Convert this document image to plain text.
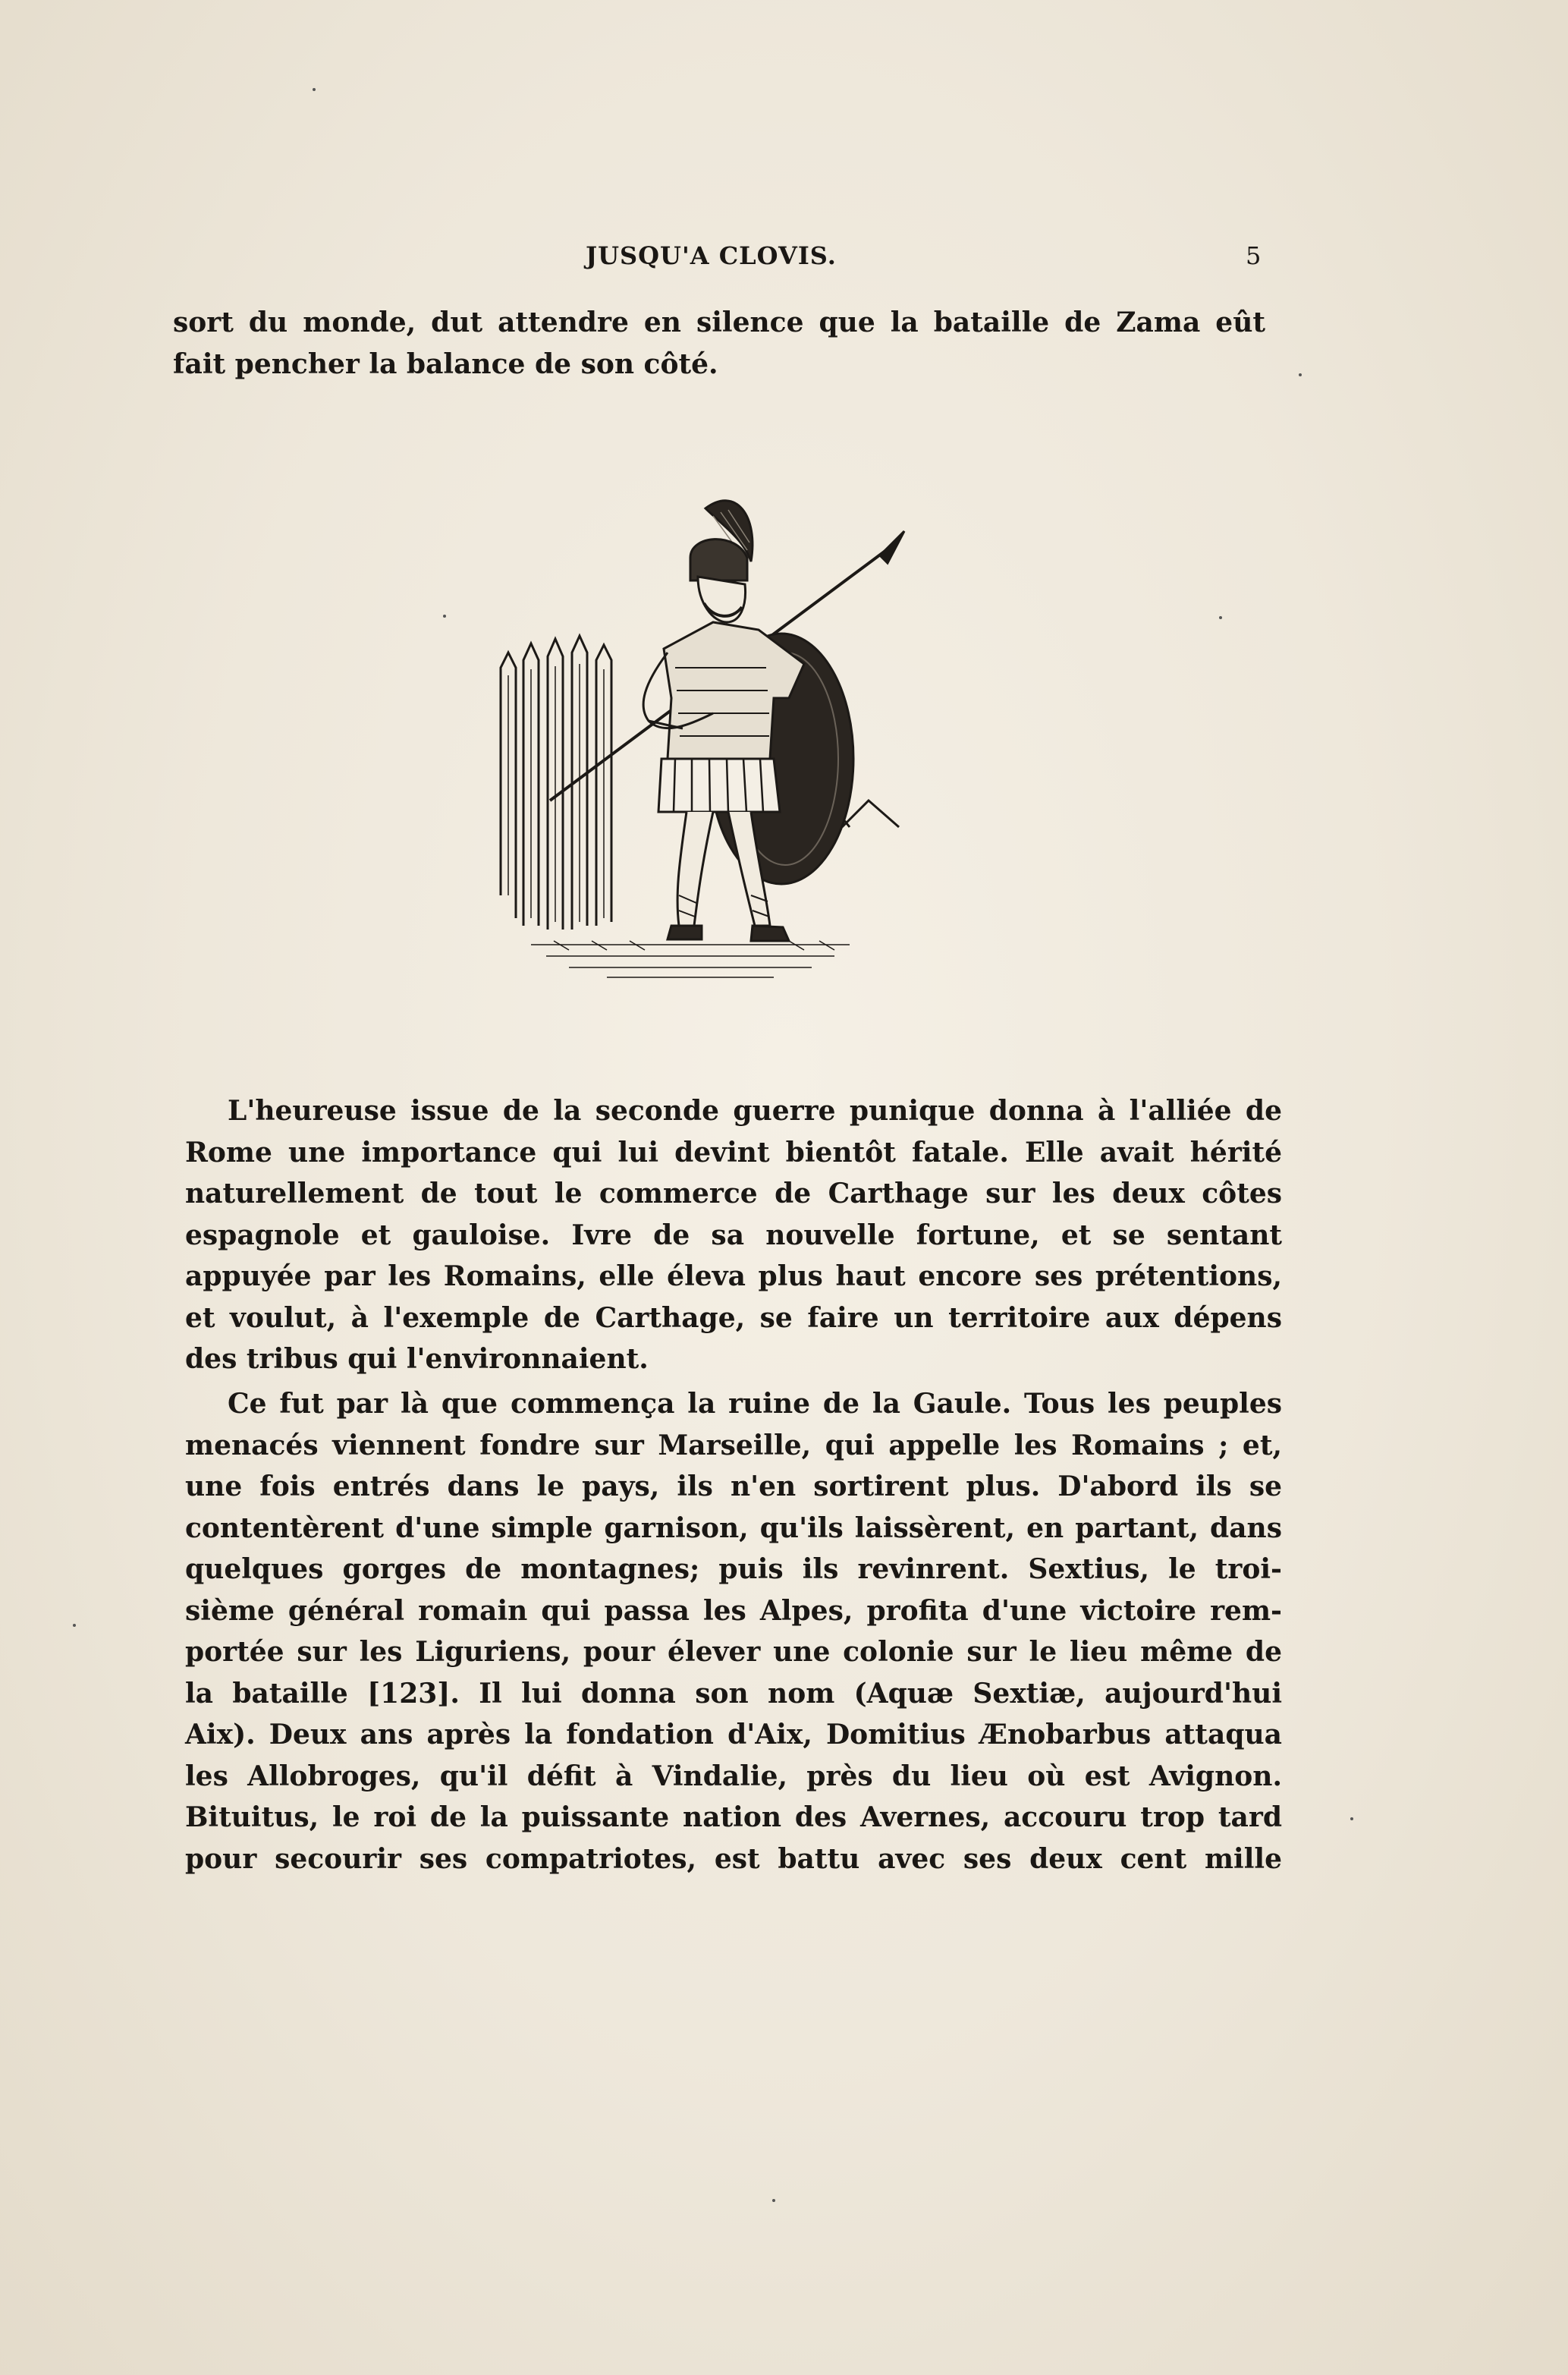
JUSQU'A CLOVIS.	5
sort du monde, dut attendre en silence que la bataille de Zama eût
fait pencher la balance de son côté.
L'heureuse issue de la seconde guerre punique donna à l'alliée de
Rome une importance qui lui devint bientôt fatale. Elle avait hérité
naturellement de tout le commerce de Carthage sur les deux côtes
espagnole et gauloise. Ivre de sa nouvelle fortune, et se sentant
appuyée par les Romains, elle éleva plus haut encore ses prétentions,
et voulut, à l'exemple de Carthage, se faire un territoire aux dépens
des tribus qui l'environnaient.
Ce fut par là que commença la ruine de la Gaule. Tous les peuples
menacés viennent fondre sur Marseille, qui appelle les Romains ; et,
une fois entrés dans le pays, ils n'en sortirent plus. D'abord ils se
contentèrent d'une simple garnison, qu'ils laissèrent, en partant, dans
quelques gorges de montagnes; puis ils revinrent. Sextius, le troi-
sième général romain qui passa les Alpes, profita d'une victoire rem-
portée sur les Liguriens, pour élever une colonie sur le lieu même de
la bataille [123]. Il lui donna son nom (Aquæ Sextiæ, aujourd'hui
Aix). Deux ans après la fondation d'Aix, Domitius Ænobarbus attaqua
les Allobroges, qu'il défit à Vindalie, près du lieu où est Avignon.
Bituitus, le roi de la puissante nation des Avernes, accouru trop tard
pour secourir ses compatriotes, est battu avec ses deux cent mille
